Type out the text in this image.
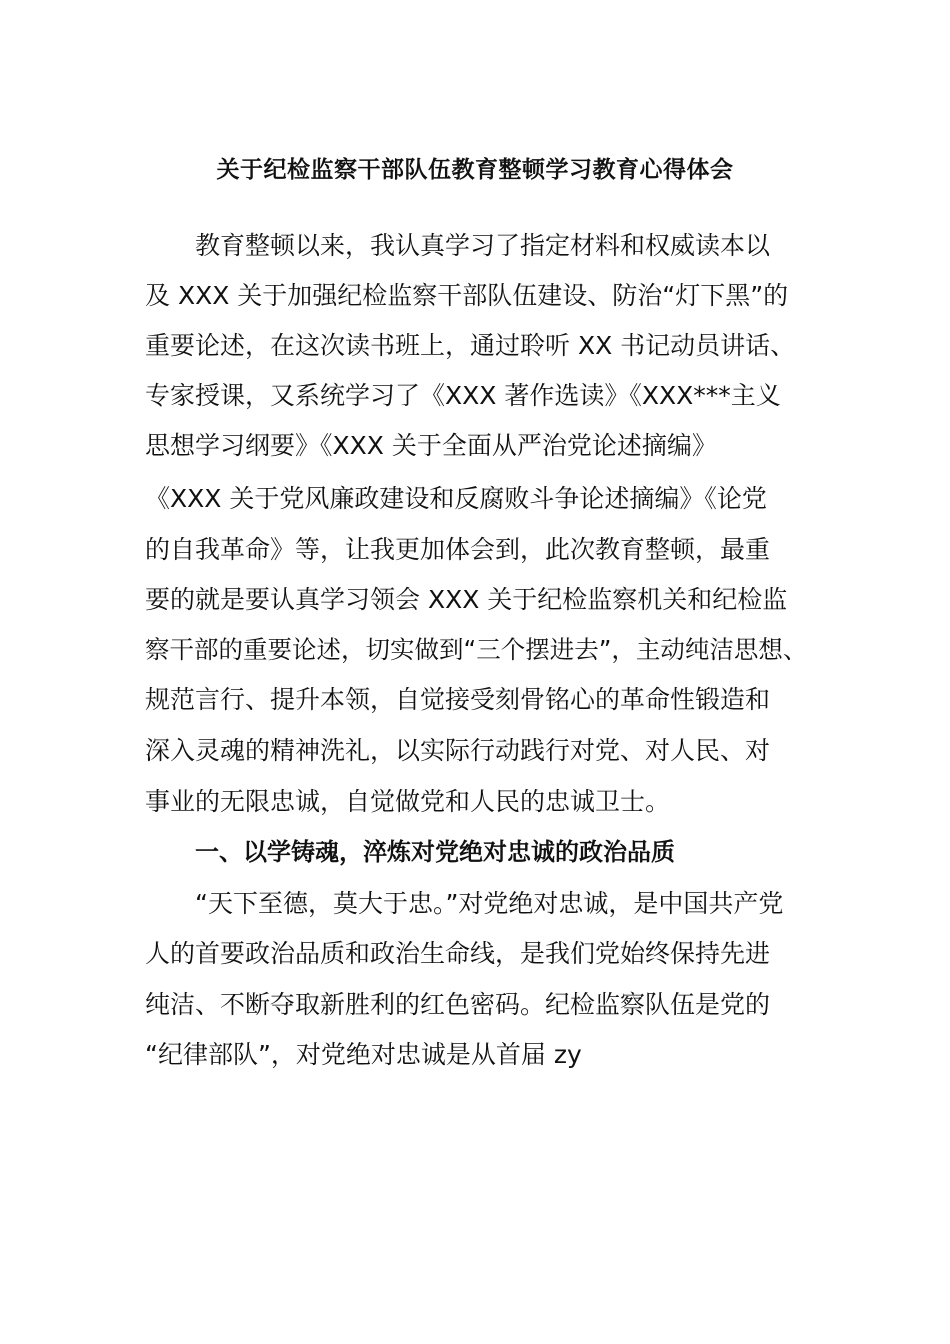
关于纪检监察干部队伍教育整顿学习教育心得体会

教育整顿以来，我认真学习了指定材料和权威读本以

及 XXX 关于加强纪检监察干部队伍建设、防治“灯下黑”的

重要论述，在这次读书班上，通过聆听 XX 书记动员讲话、

专家授课，又系统学习了《XXX 著作选读》《XXX***主义

思想学习纲要》《XXX 关于全面从严治党论述摘编》

《XXX 关于党风廉政建设和反腐败斗争论述摘编》《论党

的自我革命》等，让我更加体会到，此次教育整顿，最重

要的就是要认真学习领会 XXX 关于纪检监察机关和纪检监

察干部的重要论述，切实做到“三个摆进去”，主动纯洁思想、

规范言行、提升本领，自觉接受刻骨铭心的革命性锻造和

深入灵魂的精神洗礼，以实际行动践行对党、对人民、对

事业的无限忠诚，自觉做党和人民的忠诚卫士。

一、以学铸魂，淬炼对党绝对忠诚的政治品质

“天下至德，莫大于忠。”对党绝对忠诚，是中国共产党

人的首要政治品质和政治生命线，是我们党始终保持先进

纯洁、不断夺取新胜利的红色密码。纪检监察队伍是党的

“纪律部队”，对党绝对忠诚是从首届 zy
